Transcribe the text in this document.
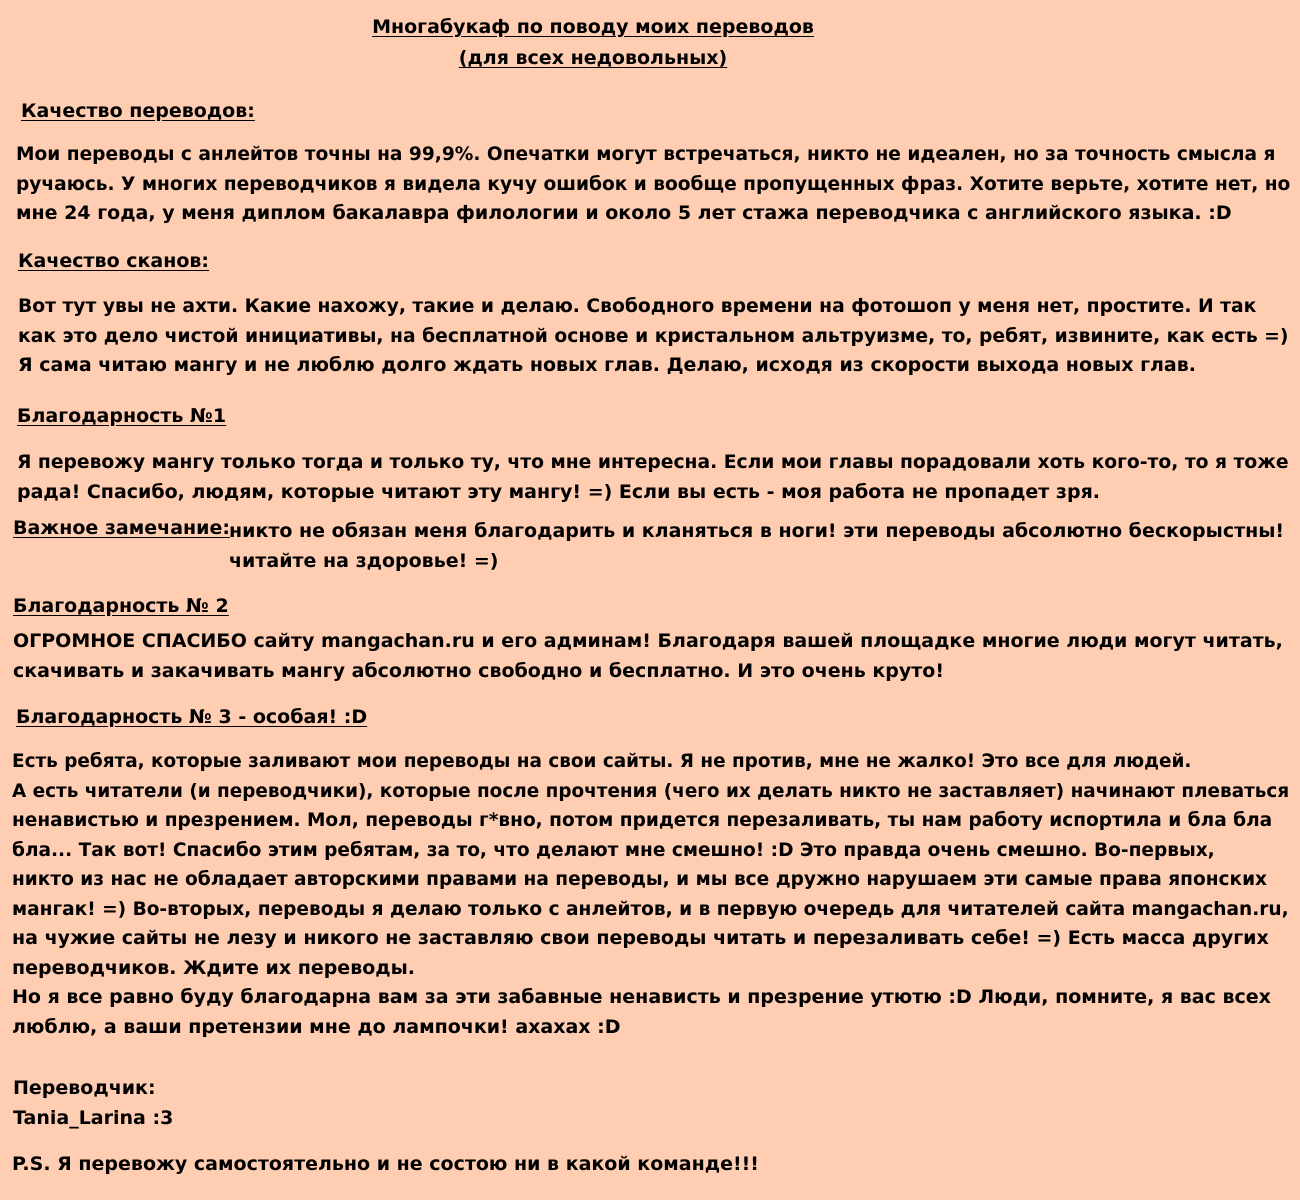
Многабукаф по поводу моих переводов
(для всех недовольных)
Качество переводов:
Мои переводы с анлейтов точны на 99,9%. Опечатки могут встречаться, никто не идеален, но за точность смысла я
ручаюсь. У многих переводчиков я видела кучу ошибок и вообще пропущенных фраз. Хотите верьте, хотите нет, но
мне 24 года, у меня диплом бакалавра филологии и около 5 лет стажа переводчика с английского языка. :D
Качество сканов:
Вот тут увы не ахти. Какие нахожу, такие и делаю. Свободного времени на фотошоп у меня нет, простите. И так
как это дело чистой инициативы, на бесплатной основе и кристальном альтруизме, то, ребят, извините, как есть =)
Я сама читаю мангу и не люблю долго ждать новых глав. Делаю, исходя из скорости выхода новых глав.
Благодарность №1
Я перевожу мангу только тогда и только ту, что мне интересна. Если мои главы порадовали хоть кого-то, то я тоже
рада! Спасибо, людям, которые читают эту мангу! =) Если вы есть - моя работа не пропадет зря.
Важное замечание: никто не обязан меня благодарить и кланяться в ноги! эти переводы абсолютно бескорыстны!
читайте на здоровье! =)
Благодарность № 2
ОГРОМНОЕ СПАСИБО сайту mangachan.ru и его админам! Благодаря вашей площадке многие люди могут читать,
скачивать и закачивать мангу абсолютно свободно и бесплатно. И это очень круто!
Благодарность № 3 - особая! :D
Есть ребята, которые заливают мои переводы на свои сайты. Я не против, мне не жалко! Это все для людей.
А есть читатели (и переводчики), которые после прочтения (чего их делать никто не заставляет) начинают плеваться
ненавистью и презрением. Мол, переводы г*вно, потом придется перезаливать, ты нам работу испортила и бла бла
бла... Так вот! Спасибо этим ребятам, за то, что делают мне смешно! :D Это правда очень смешно. Во-первых,
никто из нас не обладает авторскими правами на переводы, и мы все дружно нарушаем эти самые права японских
мангак! =) Во-вторых, переводы я делаю только с анлейтов, и в первую очередь для читателей сайта mangachan.ru,
на чужие сайты не лезу и никого не заставляю свои переводы читать и перезаливать себе! =) Есть масса других
переводчиков. Ждите их переводы.
Но я все равно буду благодарна вам за эти забавные ненависть и презрение утютю :D Люди, помните, я вас всех
люблю, а ваши претензии мне до лампочки! ахахах :D
Переводчик:
Tania_Larina :3
P.S. Я перевожу самостоятельно и не состою ни в какой команде!!!
